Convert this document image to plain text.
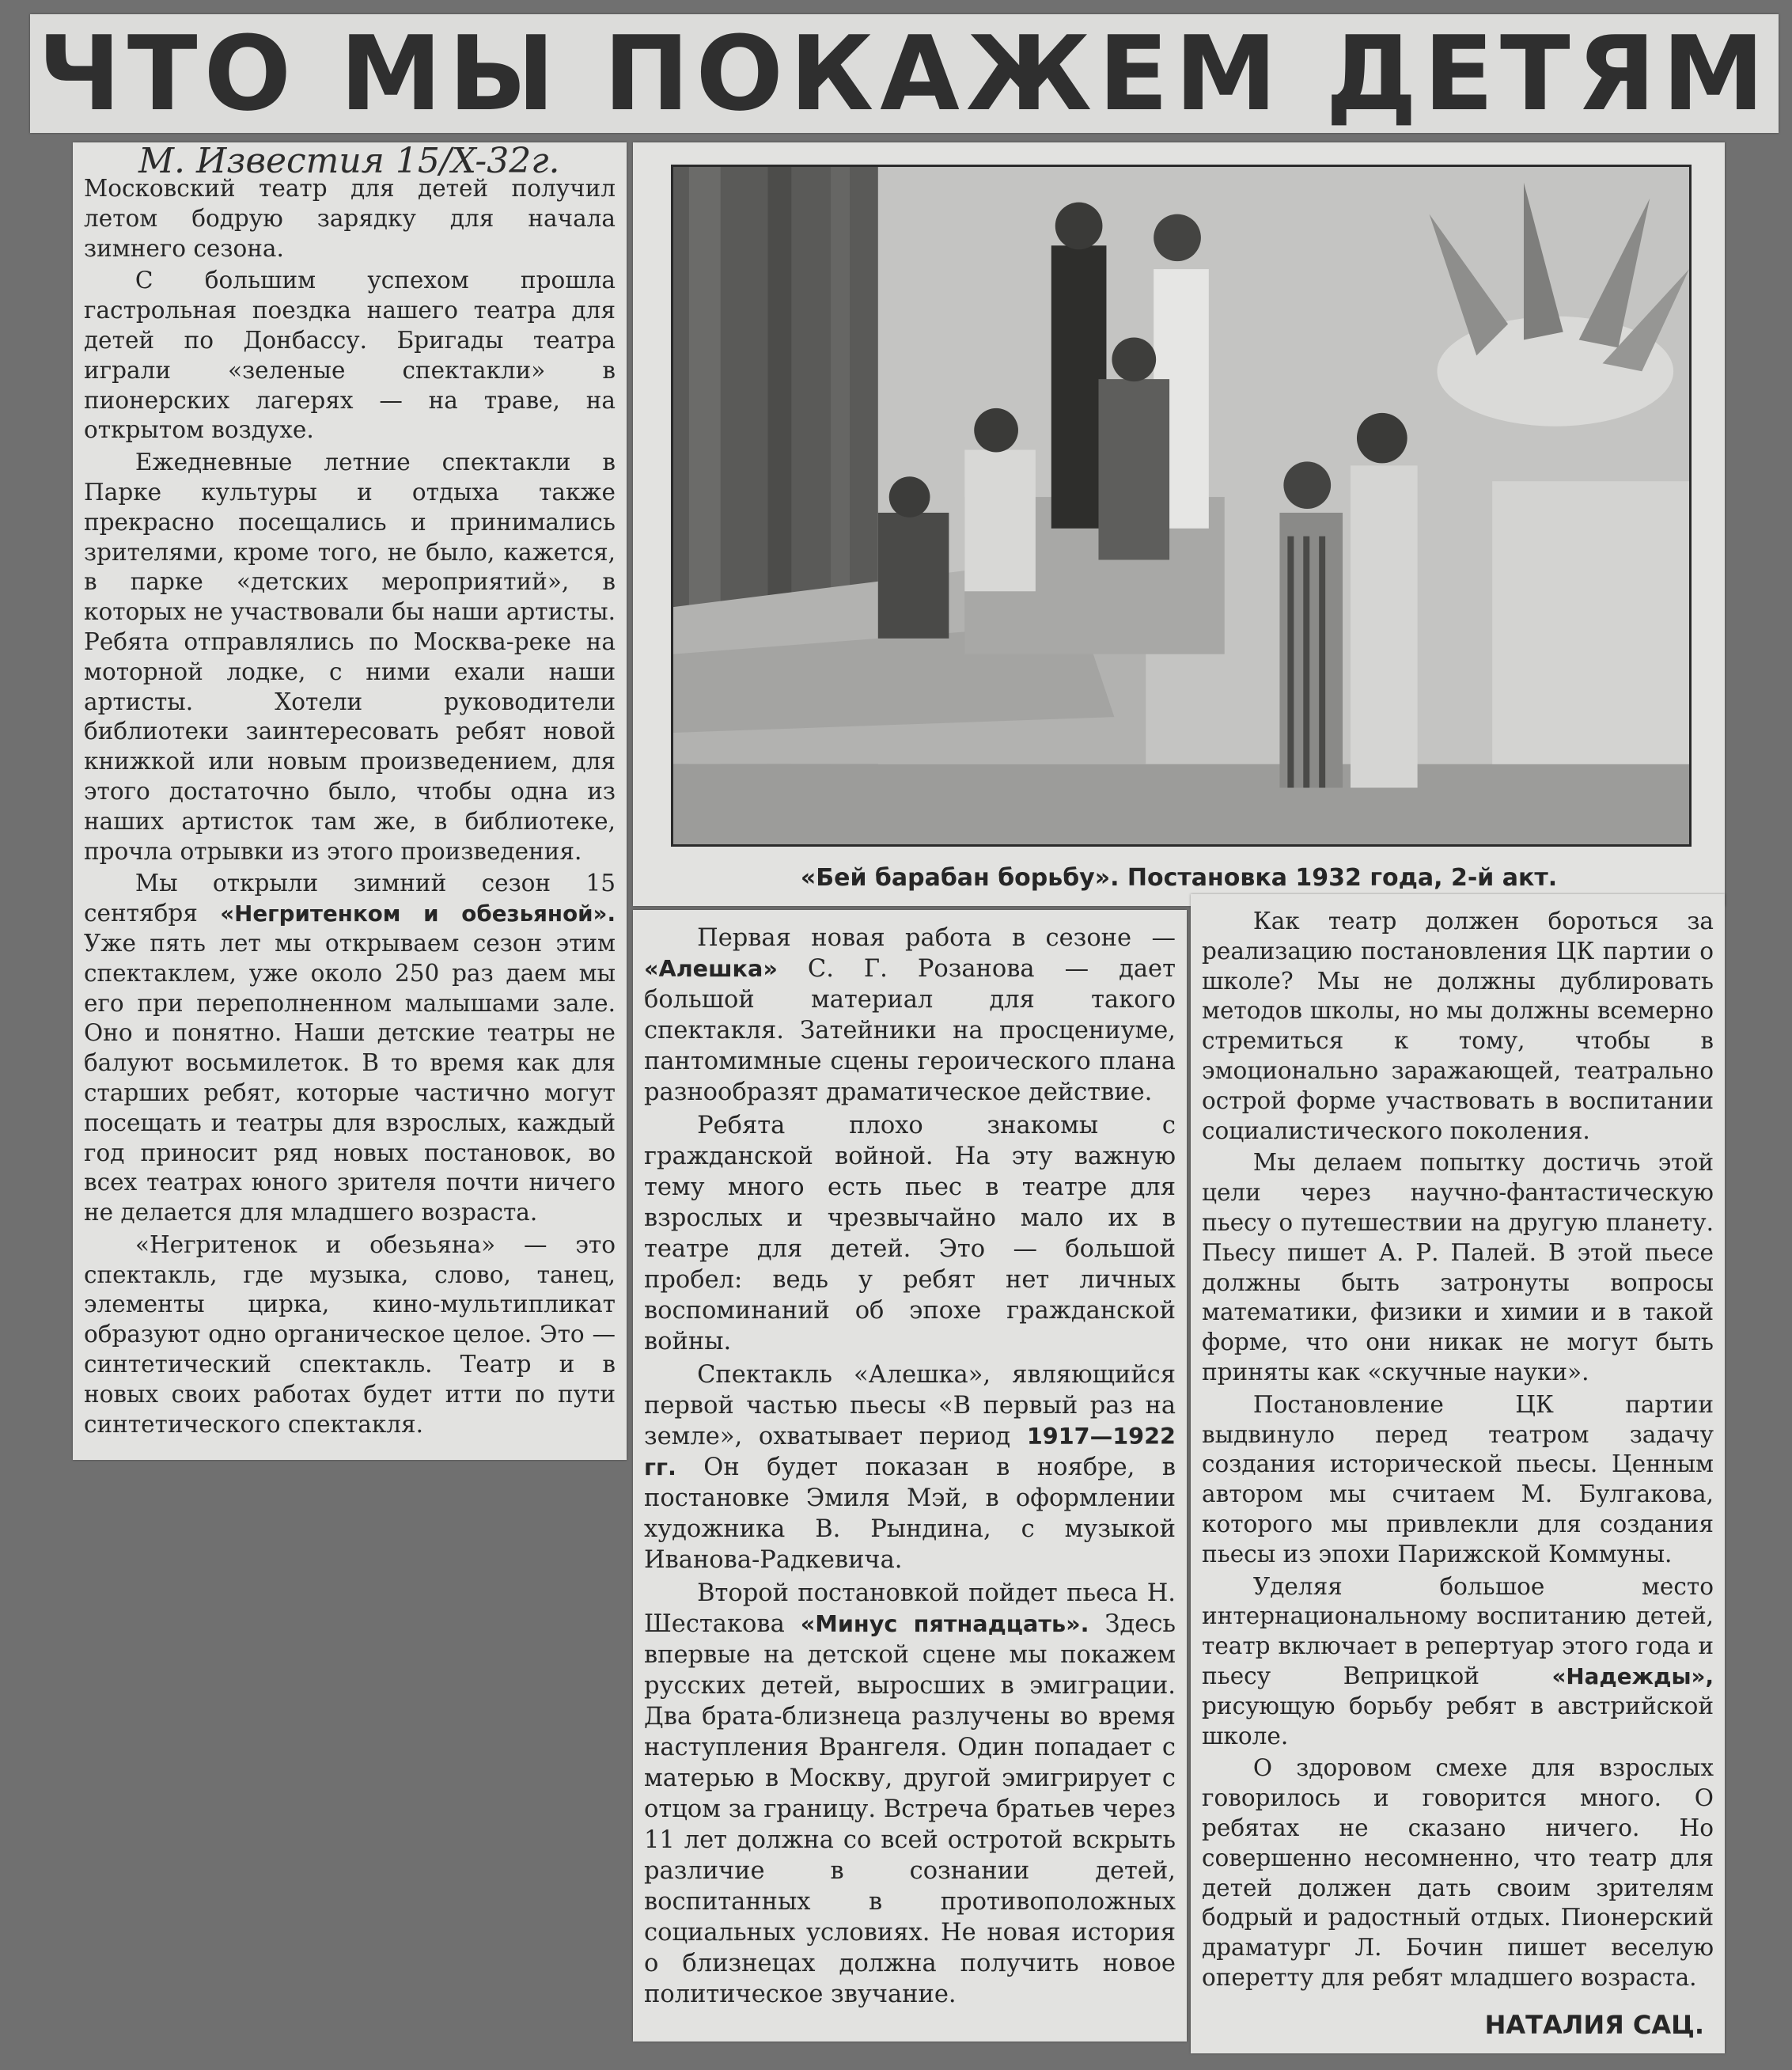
ЧТО МЫ ПОКАЖЕМ ДЕТЯМ
М. Известия 15/X-32г.

Московский театр для детей получил летом бодрую зарядку для начала зимнего сезона.

С большим успехом прошла гастрольная поездка нашего театра для детей по Донбассу. Бригады театра играли «зеленые спектакли» в пионерских лагерях — на траве, на открытом воздухе.

Ежедневные летние спектакли в Парке культуры и отдыха также прекрасно посещались и принимались зрителями, кроме того, не было, кажется, в парке «детских мероприятий», в которых не участвовали бы наши артисты. Ребята отправлялись по Москва-реке на моторной лодке, с ними ехали наши артисты. Хотели руководители библиотеки заинтересовать ребят новой книжкой или новым произведением, для этого достаточно было, чтобы одна из наших артисток там же, в библиотеке, прочла отрывки из этого произведения.

Мы открыли зимний сезон 15 сентября «Негритенком и обезьяной». Уже пять лет мы открываем сезон этим спектаклем, уже около 250 раз даем мы его при переполненном малышами зале. Оно и понятно. Наши детские театры не балуют восьмилеток. В то время как для старших ребят, которые частично могут посещать и театры для взрослых, каждый год приносит ряд новых постановок, во всех театрах юного зрителя почти ничего не делается для младшего возраста.

«Негритенок и обезьяна» — это спектакль, где музыка, слово, танец, элементы цирка, кино-мультипликат образуют одно органическое целое. Это — синтетический спектакль. Театр и в новых своих работах будет итти по пути синтетического спектакля.

«Бей барабан борьбу». Постановка 1932 года, 2-й акт.

Первая новая работа в сезоне — «Алешка» С. Г. Розанова — дает большой материал для такого спектакля. Затейники на просцениуме, пантомимные сцены героического плана разнообразят драматическое действие.

Ребята плохо знакомы с гражданской войной. На эту важную тему много есть пьес в театре для взрослых и чрезвычайно мало их в театре для детей. Это — большой пробел: ведь у ребят нет личных воспоминаний об эпохе гражданской войны.

Спектакль «Алешка», являющийся первой частью пьесы «В первый раз на земле», охватывает период 1917—1922 гг. Он будет показан в ноябре, в постановке Эмиля Мэй, в оформлении художника В. Рындина, с музыкой Иванова-Радкевича.

Второй постановкой пойдет пьеса Н. Шестакова «Минус пятнадцать». Здесь впервые на детской сцене мы покажем русских детей, выросших в эмиграции. Два брата-близнеца разлучены во время наступления Врангеля. Один попадает с матерью в Москву, другой эмигрирует с отцом за границу. Встреча братьев через 11 лет должна со всей остротой вскрыть различие в сознании детей, воспитанных в противоположных социальных условиях. Не новая история о близнецах должна получить новое политическое звучание.

Как театр должен бороться за реализацию постановления ЦК партии о школе? Мы не должны дублировать методов школы, но мы должны всемерно стремиться к тому, чтобы в эмоционально заражающей, театрально острой форме участвовать в воспитании социалистического поколения.

Мы делаем попытку достичь этой цели через научно-фантастическую пьесу о путешествии на другую планету. Пьесу пишет А. Р. Палей. В этой пьесе должны быть затронуты вопросы математики, физики и химии и в такой форме, что они никак не могут быть приняты как «скучные науки».

Постановление ЦК партии выдвинуло перед театром задачу создания исторической пьесы. Ценным автором мы считаем М. Булгакова, которого мы привлекли для создания пьесы из эпохи Парижской Коммуны.

Уделяя большое место интернациональному воспитанию детей, театр включает в репертуар этого года и пьесу Веприцкой «Надежды», рисующую борьбу ребят в австрийской школе.

О здоровом смехе для взрослых говорилось и говорится много. О ребятах не сказано ничего. Но совершенно несомненно, что театр для детей должен дать своим зрителям бодрый и радостный отдых. Пионерский драматург Л. Бочин пишет веселую оперетту для ребят младшего возраста.

НАТАЛИЯ САЦ.
